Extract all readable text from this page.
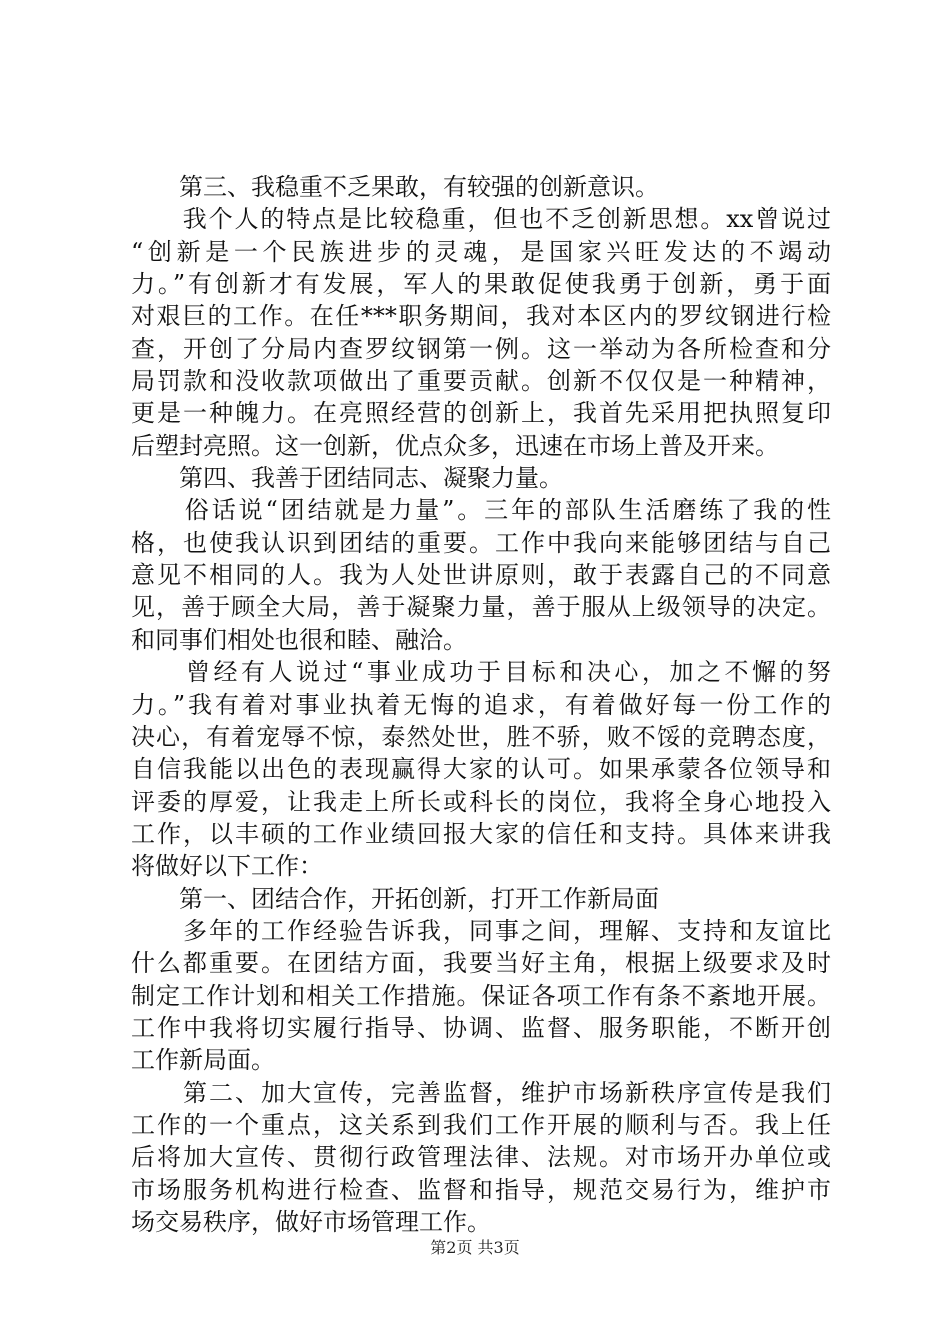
　　第三、我稳重不乏果敢，有较强的创新意识。
　　我个人的特点是比较稳重，但也不乏创新思想。xx曾说过
“创新是一个民族进步的灵魂，是国家兴旺发达的不竭动
力。”有创新才有发展，军人的果敢促使我勇于创新，勇于面
对艰巨的工作。在任***职务期间，我对本区内的罗纹钢进行检
查，开创了分局内查罗纹钢第一例。这一举动为各所检查和分
局罚款和没收款项做出了重要贡献。创新不仅仅是一种精神，
更是一种魄力。在亮照经营的创新上，我首先采用把执照复印
后塑封亮照。这一创新，优点众多，迅速在市场上普及开来。
　　第四、我善于团结同志、凝聚力量。
　　俗话说“团结就是力量”。三年的部队生活磨练了我的性
格，也使我认识到团结的重要。工作中我向来能够团结与自己
意见不相同的人。我为人处世讲原则，敢于表露自己的不同意
见，善于顾全大局，善于凝聚力量，善于服从上级领导的决定。
和同事们相处也很和睦、融洽。
　　曾经有人说过“事业成功于目标和决心，加之不懈的努
力。”我有着对事业执着无悔的追求，有着做好每一份工作的
决心，有着宠辱不惊，泰然处世，胜不骄，败不馁的竞聘态度，
自信我能以出色的表现赢得大家的认可。如果承蒙各位领导和
评委的厚爱，让我走上所长或科长的岗位，我将全身心地投入
工作，以丰硕的工作业绩回报大家的信任和支持。具体来讲我
将做好以下工作：
　　第一、团结合作，开拓创新，打开工作新局面
　　多年的工作经验告诉我，同事之间，理解、支持和友谊比
什么都重要。在团结方面，我要当好主角，根据上级要求及时
制定工作计划和相关工作措施。保证各项工作有条不紊地开展。
工作中我将切实履行指导、协调、监督、服务职能，不断开创
工作新局面。
　　第二、加大宣传，完善监督，维护市场新秩序宣传是我们
工作的一个重点，这关系到我们工作开展的顺利与否。我上任
后将加大宣传、贯彻行政管理法律、法规。对市场开办单位或
市场服务机构进行检查、监督和指导，规范交易行为，维护市
场交易秩序，做好市场管理工作。
第2页 共3页
